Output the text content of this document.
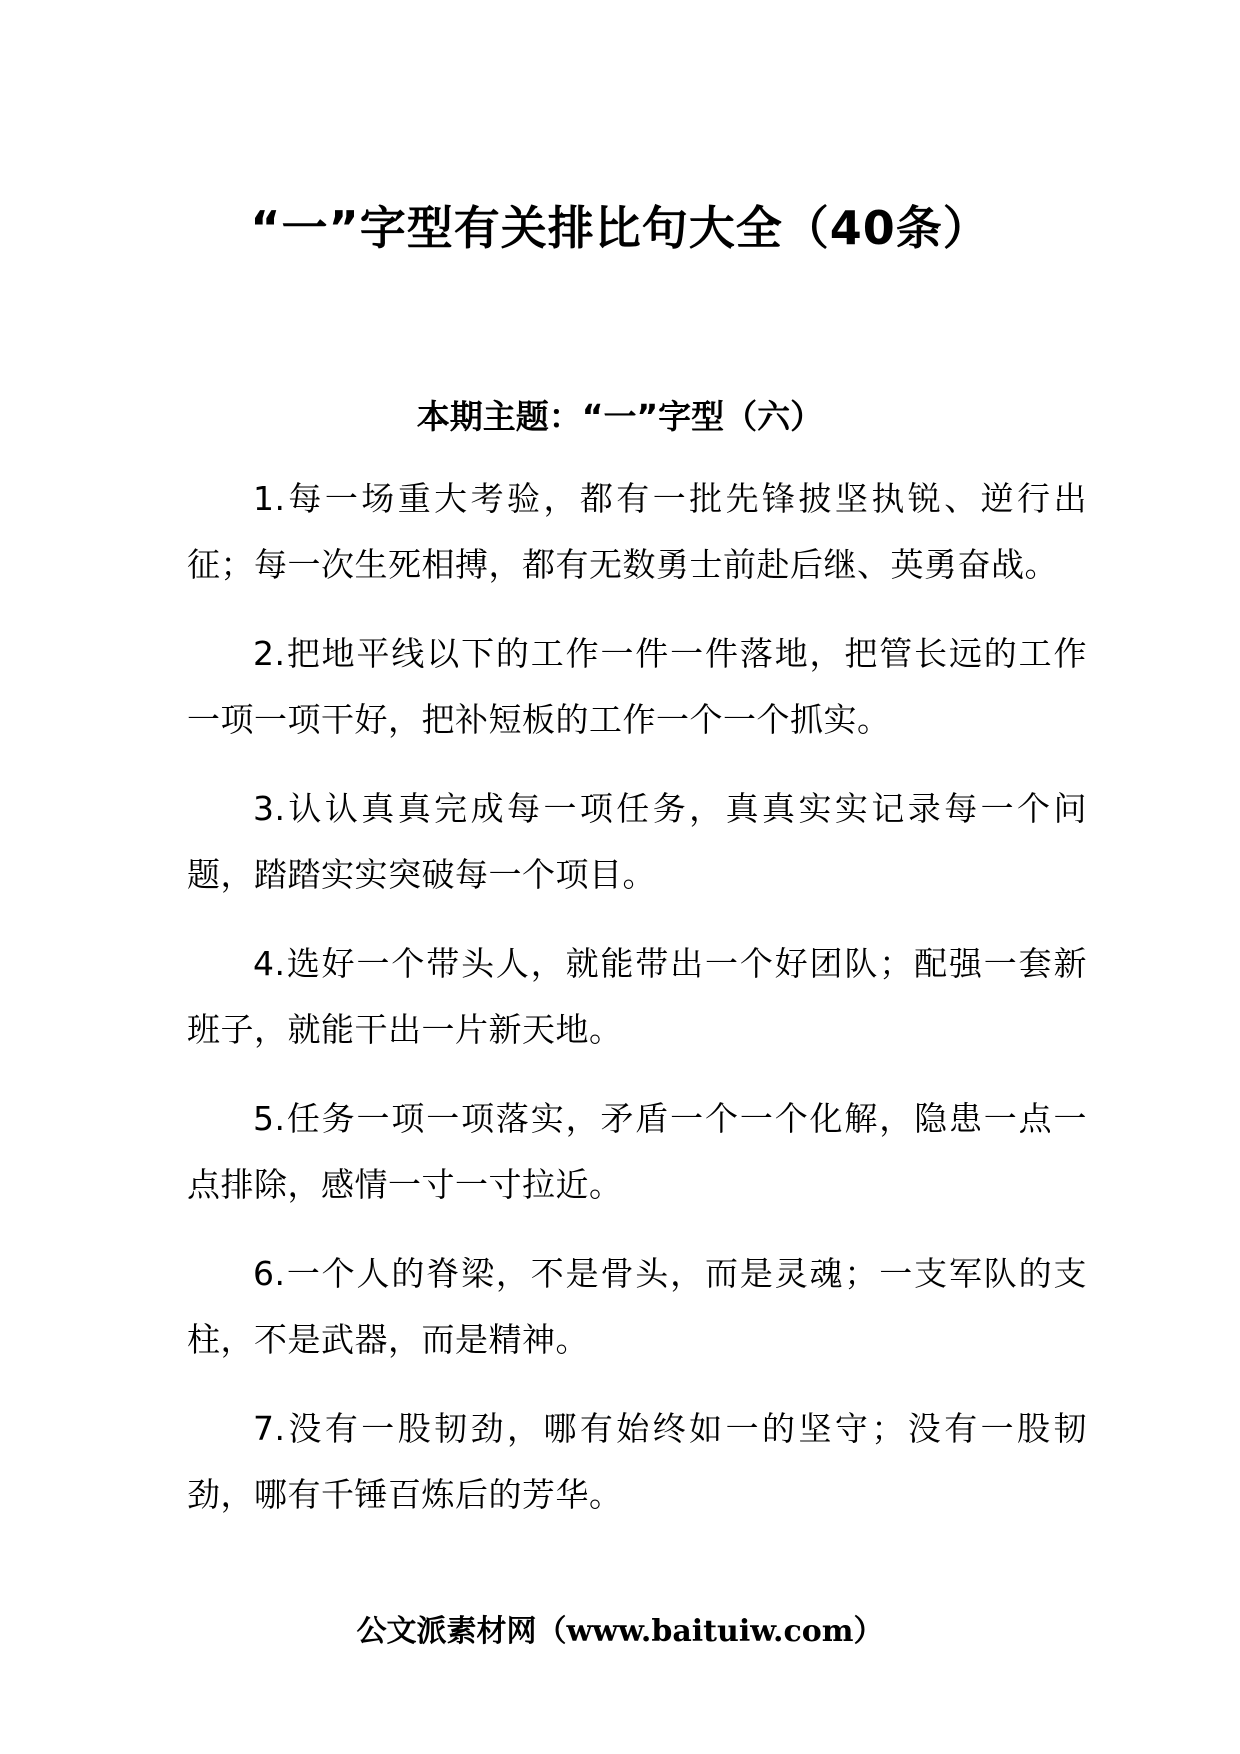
“一”字型有关排比句大全（40条）
本期主题：“一”字型（六）

1.每一场重大考验，都有一批先锋披坚执锐、逆行出征；每一次生死相搏，都有无数勇士前赴后继、英勇奋战。

2.把地平线以下的工作一件一件落地，把管长远的工作一项一项干好，把补短板的工作一个一个抓实。

3.认认真真完成每一项任务，真真实实记录每一个问题，踏踏实实突破每一个项目。

4.选好一个带头人，就能带出一个好团队；配强一套新班子，就能干出一片新天地。

5.任务一项一项落实，矛盾一个一个化解，隐患一点一点排除，感情一寸一寸拉近。

6.一个人的脊梁，不是骨头，而是灵魂；一支军队的支柱，不是武器，而是精神。

7.没有一股韧劲，哪有始终如一的坚守；没有一股韧劲，哪有千锤百炼后的芳华。

公文派素材网（www.baituiw.com）
